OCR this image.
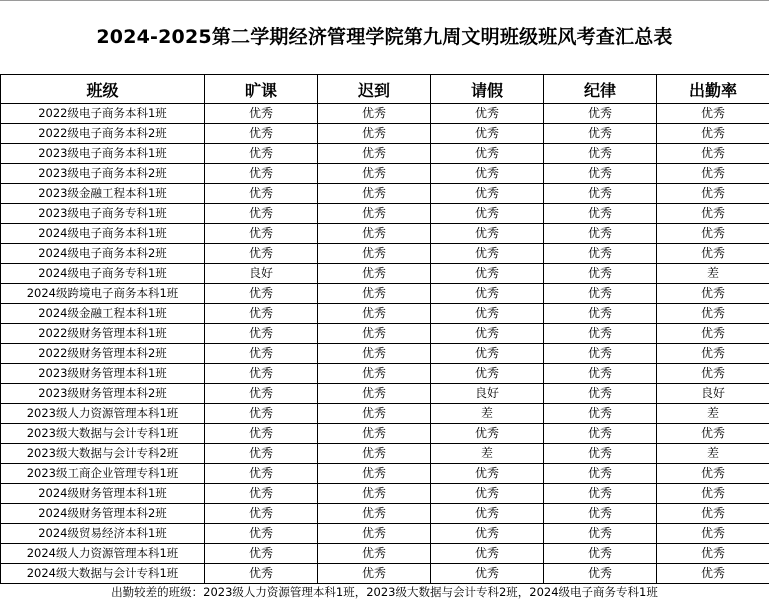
2024-2025第二学期经济管理学院第九周文明班级班风考查汇总表
班级	旷课	迟到	请假	纪律	出勤率
2022级电子商务本科1班	优秀	优秀	优秀	优秀	优秀
2022级电子商务本科2班	优秀	优秀	优秀	优秀	优秀
2023级电子商务本科1班	优秀	优秀	优秀	优秀	优秀
2023级电子商务本科2班	优秀	优秀	优秀	优秀	优秀
2023级金融工程本科1班	优秀	优秀	优秀	优秀	优秀
2023级电子商务专科1班	优秀	优秀	优秀	优秀	优秀
2024级电子商务本科1班	优秀	优秀	优秀	优秀	优秀
2024级电子商务本科2班	优秀	优秀	优秀	优秀	优秀
2024级电子商务专科1班	良好	优秀	优秀	优秀	差
2024级跨境电子商务本科1班	优秀	优秀	优秀	优秀	优秀
2024级金融工程本科1班	优秀	优秀	优秀	优秀	优秀
2022级财务管理本科1班	优秀	优秀	优秀	优秀	优秀
2022级财务管理本科2班	优秀	优秀	优秀	优秀	优秀
2023级财务管理本科1班	优秀	优秀	优秀	优秀	优秀
2023级财务管理本科2班	优秀	优秀	良好	优秀	良好
2023级人力资源管理本科1班	优秀	优秀	差	优秀	差
2023级大数据与会计专科1班	优秀	优秀	优秀	优秀	优秀
2023级大数据与会计专科2班	优秀	优秀	差	优秀	差
2023级工商企业管理专科1班	优秀	优秀	优秀	优秀	优秀
2024级财务管理本科1班	优秀	优秀	优秀	优秀	优秀
2024级财务管理本科2班	优秀	优秀	优秀	优秀	优秀
2024级贸易经济本科1班	优秀	优秀	优秀	优秀	优秀
2024级人力资源管理本科1班	优秀	优秀	优秀	优秀	优秀
2024级大数据与会计专科1班	优秀	优秀	优秀	优秀	优秀
出勤较差的班级：2023级人力资源管理本科1班，2023级大数据与会计专科2班，2024级电子商务专科1班
